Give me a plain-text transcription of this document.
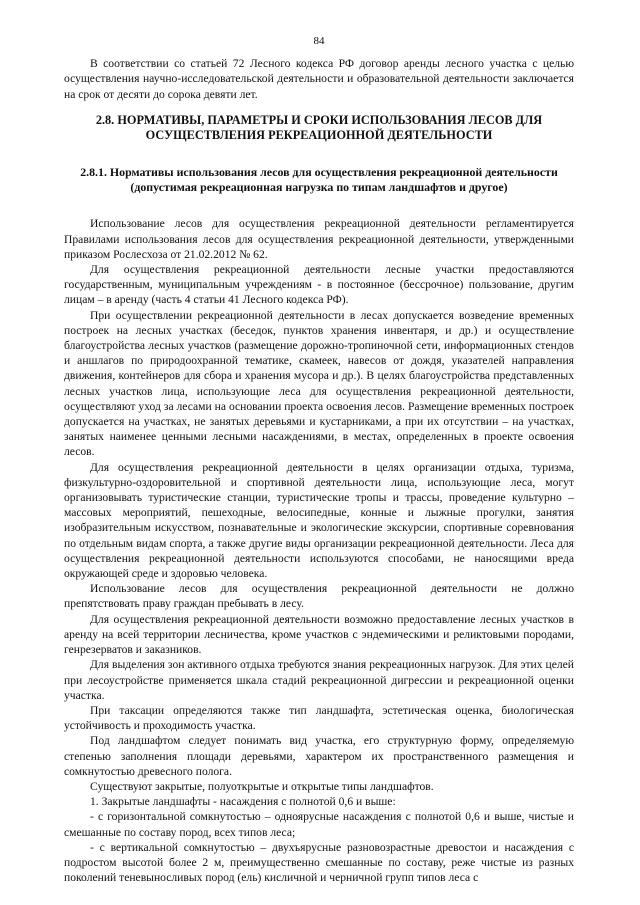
84

В соответствии со статьей 72 Лесного кодекса РФ договор аренды лесного участка с целью осуществления научно-исследовательской деятельности и образовательной деятельности заключается на срок от десяти до сорока девяти лет.

2.8. НОРМАТИВЫ, ПАРАМЕТРЫ И СРОКИ ИСПОЛЬЗОВАНИЯ ЛЕСОВ ДЛЯ ОСУЩЕСТВЛЕНИЯ РЕКРЕАЦИОННОЙ ДЕЯТЕЛЬНОСТИ
2.8.1. Нормативы использования лесов для осуществления рекреационной деятельности (допустимая рекреационная нагрузка по типам ландшафтов и другое)

Использование лесов для осуществления рекреационной деятельности регламентируется Правилами использования лесов для осуществления рекреационной деятельности, утвержденными приказом Рослесхоза от 21.02.2012 № 62.

Для осуществления рекреационной деятельности лесные участки предоставляются государственным, муниципальным учреждениям - в постоянное (бессрочное) пользование, другим лицам – в аренду (часть 4 статьи 41 Лесного кодекса РФ).

При осуществлении рекреационной деятельности в лесах допускается возведение временных построек на лесных участках (беседок, пунктов хранения инвентаря, и др.) и осуществление благоустройства лесных участков (размещение дорожно-тропиночной сети, информационных стендов и аншлагов по природоохранной тематике, скамеек, навесов от дождя, указателей направления движения, контейнеров для сбора и хранения мусора и др.). В целях благоустройства представленных лесных участков лица, использующие леса для осуществления рекреационной деятельности, осуществляют уход за лесами на основании проекта освоения лесов. Размещение временных построек допускается на участках, не занятых деревьями и кустарниками, а при их отсутствии – на участках, занятых наименее ценными лесными насаждениями, в местах, определенных в проекте освоения лесов.

Для осуществления рекреационной деятельности в целях организации отдыха, туризма, физкультурно-оздоровительной и спортивной деятельности лица, использующие леса, могут организовывать туристические станции, туристические тропы и трассы, проведение культурно – массовых мероприятий, пешеходные, велосипедные, конные и лыжные прогулки, занятия изобразительным искусством, познавательные и экологические экскурсии, спортивные соревнования по отдельным видам спорта, а также другие виды организации рекреационной деятельности. Леса для осуществления рекреационной деятельности используются способами, не наносящими вреда окружающей среде и здоровью человека.

Использование лесов для осуществления рекреационной деятельности не должно препятствовать праву граждан пребывать в лесу.

Для осуществления рекреационной деятельности возможно предоставление лесных участков в аренду на всей территории лесничества, кроме участков с эндемическими и реликтовыми породами, генрезерватов и заказников.

Для выделения зон активного отдыха требуются знания рекреационных нагрузок. Для этих целей при лесоустройстве применяется шкала стадий рекреационной дигрессии и рекреационной оценки участка.

При таксации определяются также тип ландшафта, эстетическая оценка, биологическая устойчивость и проходимость участка.

Под ландшафтом следует понимать вид участка, его структурную форму, определяемую степенью заполнения площади деревьями, характером их пространственного размещения и сомкнутостью древесного полога.

Существуют закрытые, полуоткрытые и открытые типы ландшафтов.

1. Закрытые ландшафты - насаждения с полнотой 0,6 и выше:

- с горизонтальной сомкнутостью – одноярусные насаждения с полнотой 0,6 и выше, чистые и смешанные по составу пород, всех типов леса;

- с вертикальной сомкнутостью – двухъярусные разновозрастные древостои и насаждения с подростом высотой более 2 м, преимущественно смешанные по составу, реже чистые из разных поколений теневыносливых пород (ель) кисличной и черничной групп типов леса с
